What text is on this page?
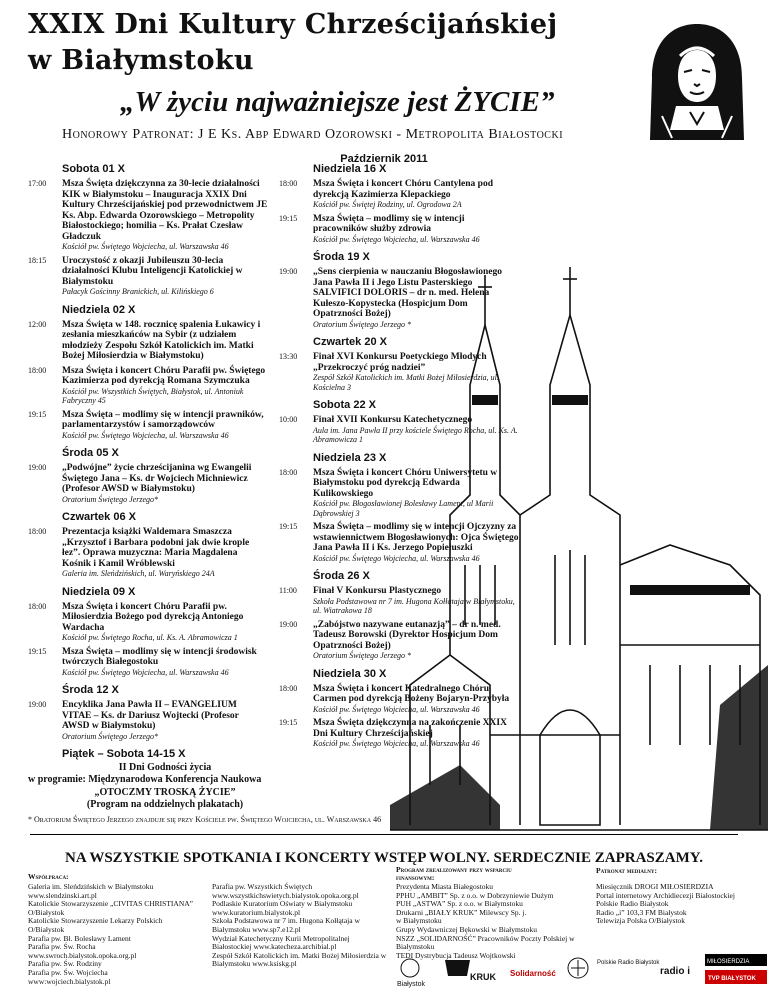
XXIX Dni Kultury Chrześcijańskiej
w Białymstoku
„W życiu najważniejsze jest ŻYCIE”
Honorowy Patronat: J E Ks. Abp Edward Ozorowski - Metropolita Białostocki
Październik 2011
Sobota 01 X
17:00 Msza Święta dziękczynna za 30-lecie działalności KIK w Białymstoku – Inauguracja XXIX Dni Kultury Chrześcijańskiej pod przewodnictwem JE Ks. Abp. Edwarda Ozorowskiego – Metropolity Białostockiego; homilia – Ks. Prałat Czesław Gładczuk
Kościół pw. Świętego Wojciecha, ul. Warszawska 46
18:15 Uroczystość z okazji Jubileuszu 30-lecia działalności Klubu Inteligencji Katolickiej w Białymstoku
Pałacyk Gościnny Branickich, ul. Kilińskiego 6
Niedziela 02 X
12:00 Msza Święta w 148. rocznicę spalenia Łukawicy i zesłania mieszkańców na Sybir (z udziałem młodzieży Zespołu Szkół Katolickich im. Matki Bożej Miłosierdzia w Białymstoku)
18:00 Msza Święta i koncert Chóru Parafii pw. Świętego Kazimierza pod dyrekcją Romana Szymczuka
Kościół pw. Wszystkich Świętych, Białystok, ul. Antoniuk Fabryczny 45
19:15 Msza Święta – modlimy się w intencji prawników, parlamentarzystów i samorządowców
Kościół pw. Świętego Wojciecha, ul. Warszawska 46
Środa 05 X
19:00 „Podwójne” życie chrześcijanina wg Ewangelii Świętego Jana – Ks. dr Wojciech Michniewicz (Profesor AWSD w Białymstoku)
Oratorium Świętego Jerzego*
Czwartek 06 X
18:00 Prezentacja książki Waldemara Smaszcza „Krzysztof i Barbara podobni jak dwie krople łez”. Oprawa muzyczna: Maria Magdalena Kośnik i Kamil Wróblewski
Galeria im. Sleńdzińskich, ul. Waryńskiego 24A
Niedziela 09 X
18:00 Msza Święta i koncert Chóru Parafii pw. Miłosierdzia Bożego pod dyrekcją Antoniego Wardacha
Kościół pw. Świętego Rocha, ul. Ks. A. Abramowicza 1
19:15 Msza Święta – modlimy się w intencji środowisk twórczych Białegostoku
Kościół pw. Świętego Wojciecha, ul. Warszawska 46
Środa 12 X
19:00 Encyklika Jana Pawła II – EVANGELIUM VITAE – Ks. dr Dariusz Wojtecki (Profesor AWSD w Białymstoku)
Oratorium Świętego Jerzego*
Niedziela 16 X
18:00 Msza Święta i koncert Chóru Cantylena pod dyrekcją Kazimierza Klepackiego
Kościół pw. Świętej Rodziny, ul. Ogrodowa 2A
19:15 Msza Święta – modlimy się w intencji pracowników służby zdrowia
Kościół pw. Świętego Wojciecha, ul. Warszawska 46
Środa 19 X
19:00 „Sens cierpienia w nauczaniu Błogosławionego Jana Pawła II i Jego Listu Pasterskiego SALVIFICI DOLORIS – dr n. med. Helena Kułeszo-Kopystecka (Hospicjum Dom Opatrzności Bożej)
Oratorium Świętego Jerzego *
Czwartek 20 X
13:30 Finał XVI Konkursu Poetyckiego Młodych „Przekroczyć próg nadziei”
Zespół Szkół Katolickich im. Matki Bożej Miłosierdzia, ul. Kościelna 3
Sobota 22 X
10:00 Finał XVII Konkursu Katechetycznego
Aula im. Jana Pawła II przy kościele Świętego Rocha, ul. Ks. A. Abramowicza 1
Niedziela 23 X
18:00 Msza Święta i koncert Chóru Uniwersytetu w Białymstoku pod dyrekcją Edwarda Kulikowskiego
Kościół pw. Błogosławionej Bolesławy Lament, ul Marii Dąbrowskiej 3
19:15 Msza Święta – modlimy się w intencji Ojczyzny za wstawiennictwem Błogosławionych: Ojca Świętego Jana Pawła II i Ks. Jerzego Popiełuszki
Kościół pw. Świętego Wojciecha, ul. Warszawska 46
Środa 26 X
11:00 Finał V Konkursu Plastycznego
Szkoła Podstawowa nr 7 im. Hugona Kołłątaja w Białymstoku, ul. Wiatrakowa 18
19:00 „Zabójstwo nazywane eutanazją” – dr n. med. Tadeusz Borowski (Dyrektor Hospicjum Dom Opatrzności Bożej)
Oratorium Świętego Jerzego *
Niedziela 30 X
18:00 Msza Święta i koncert Katedralnego Chóru Carmen pod dyrekcją Bożeny Bojaryn-Przybyła
Kościół pw. Świętego Wojciecha, ul. Warszawska 46
19:15 Msza Święta dziękczynna na zakończenie XXIX Dni Kultury Chrześcijańskiej
Kościół pw. Świętego Wojciecha, ul. Warszawska 46
Piątek – Sobota 14-15 X
II Dni Godności życia
w programie: Międzynarodowa Konferencja Naukowa
„OTOCZMY TROSKĄ ŻYCIE”
(Program na oddzielnych plakatach)
* Oratorium Świętego Jerzego znajduje się przy Kościele pw. Świętego Wojciecha, ul. Warszawska 46
NA WSZYSTKIE SPOTKANIA I KONCERTY WSTĘP WOLNY. SERDECZNIE ZAPRASZAMY.
Współpraca:
Program zrealizowany przy wsparciu finansowym:
Patronat medialny:
Galeria im. Sleńdzińskich w Białymstoku
www.slendzinski.art.pl
Katolickie Stowarzyszenie „CIVITAS CHRISTIANA” O/Białystok
Katolickie Stowarzyszenie Lekarzy Polskich O/Białystok
Parafia pw. Bł. Bolesławy Lament
Parafia pw. Św. Rocha
www.swroch.bialystok.opoka.org.pl
Parafia pw. Św. Rodziny
Parafia pw. Św. Wojciecha
www:wojciech.bialystok.pl
Parafia pw. Wszystkich Świętych
www.wszystkichswietych.bialystok.opoka.org.pl
Podlaskie Kuratorium Oświaty w Białymstoku www.kuratorium.bialystok.pl
Szkoła Podstawowa nr 7 im. Hugona Kołłątaja w Białymstoku www.sp7.e12.pl
Wydział Katechetyczny Kurii Metropolitalnej Białostockiej www.katecheza.archibial.pl
Zespół Szkół Katolickich im. Matki Bożej Miłosierdzia w Białymstoku www.ksiskg.pl
Prezydenta Miasta Białegostoku
PPHU „AMBIT” Sp. z o.o. w Dobrzyniewie Dużym
PUH „ASTWA” Sp. z o.o. w Białymstoku
Drukarni „BIAŁY KRUK” Milewscy Sp. j.
w Białymstoku
Grupy Wydawniczej Bękowski w Białymstoku
NSZZ „SOLIDARNOŚĆ” Pracowników Poczty Polskiej w Białymstoku
TEDI Dystrybucja Tadeusz Wojtkowski
Miesięcznik DROGI MIŁOSIERDZIA
Portal internetowy Archidiecezji Białostockiej
Polskie Radio Białystok
Radio „i” 103,3 FM Białystok
Telewizja Polska O/Białystok
Białystok
KRUK Solidarność
Polskie Radio Białystok
radio i
MIŁOSIERDZIA
TVP BIAŁYSTOK
